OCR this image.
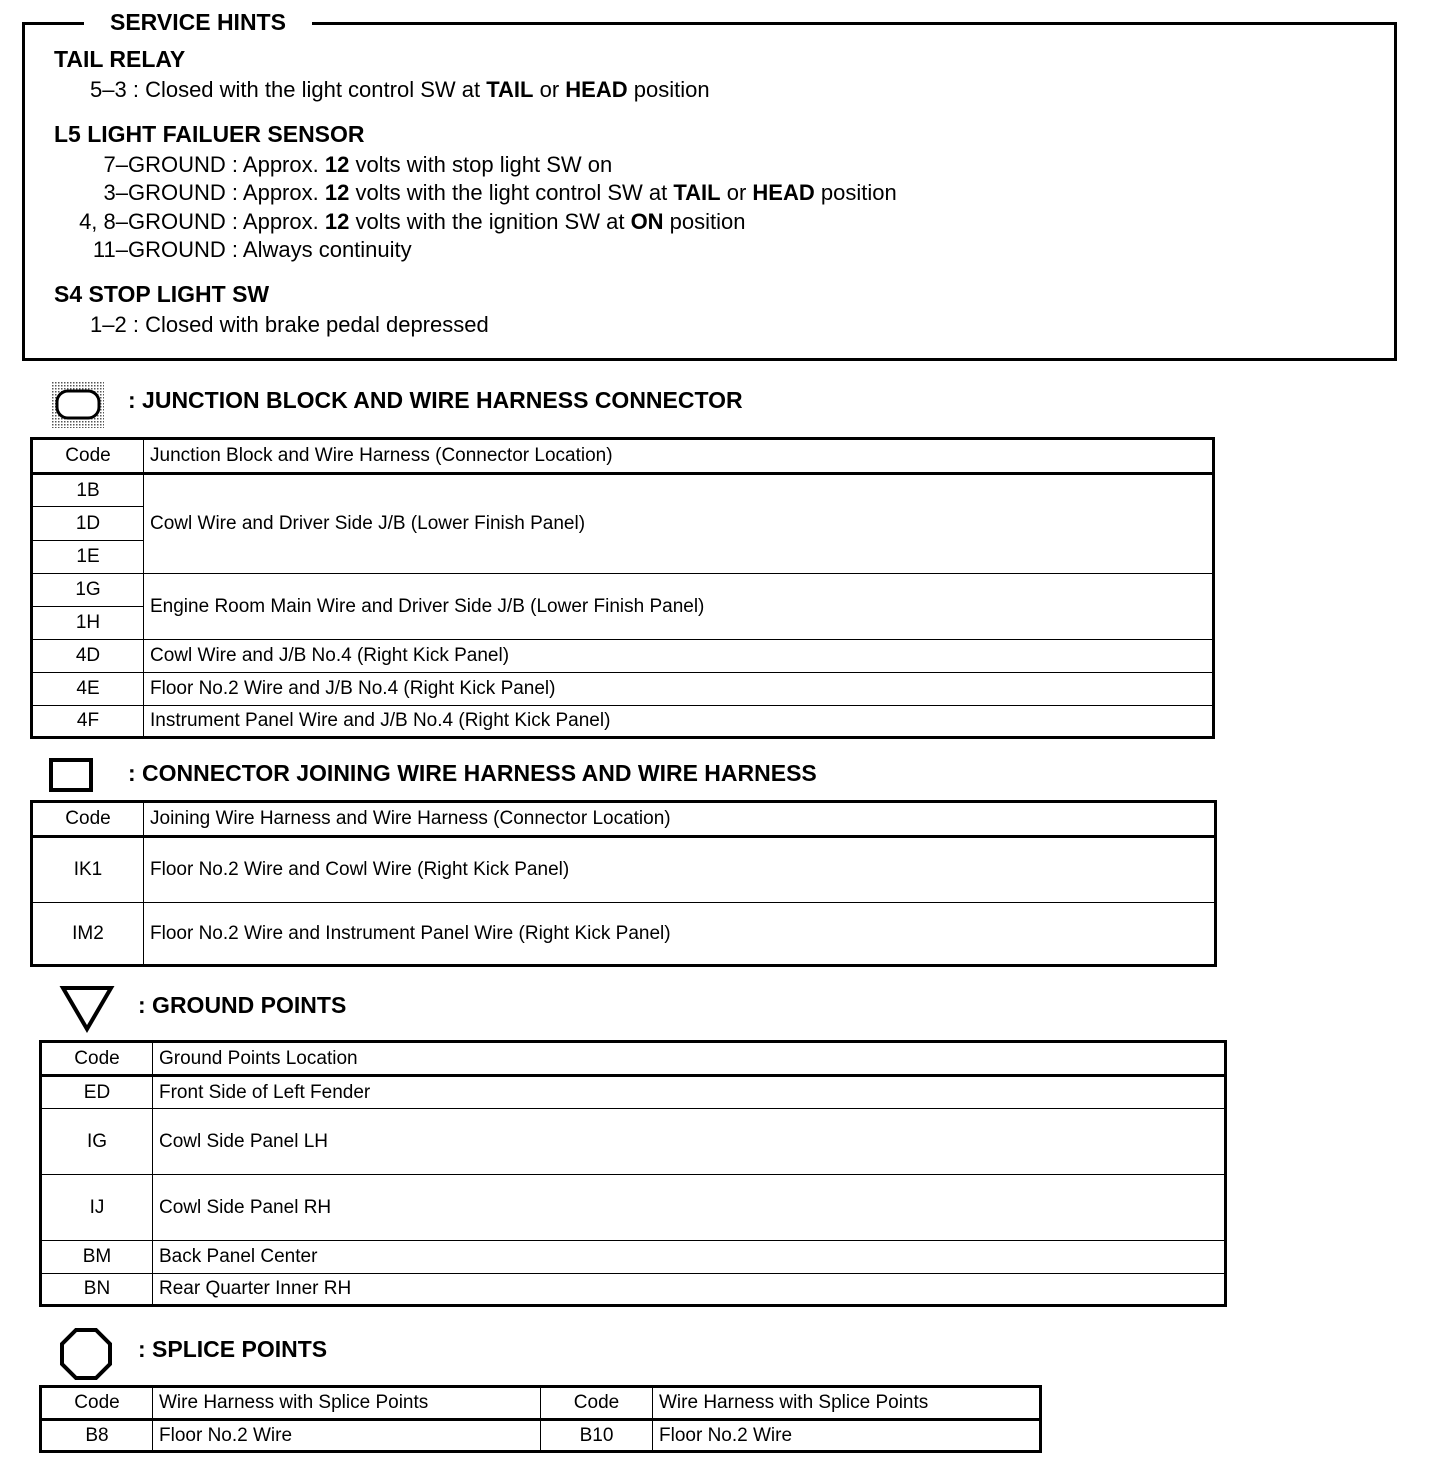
SERVICE HINTS
TAIL RELAY
5–3 : Closed with the light control SW at TAIL or HEAD position
L5 LIGHT FAILUER SENSOR
7–GROUND : Approx. 12 volts with stop light SW on
3–GROUND : Approx. 12 volts with the light control SW at TAIL or HEAD position
4, 8–GROUND : Approx. 12 volts with the ignition SW at ON position
11–GROUND : Always continuity
S4 STOP LIGHT SW
1–2 : Closed with brake pedal depressed
: JUNCTION BLOCK AND WIRE HARNESS CONNECTOR
Code	Junction Block and Wire Harness (Connector Location)
1B	Cowl Wire and Driver Side J/B (Lower Finish Panel)
1D	
1E	
1G	Engine Room Main Wire and Driver Side J/B (Lower Finish Panel)
1H	
4D	Cowl Wire and J/B No.4 (Right Kick Panel)
4E	Floor No.2 Wire and J/B No.4 (Right Kick Panel)
4F	Instrument Panel Wire and J/B No.4 (Right Kick Panel)
: CONNECTOR JOINING WIRE HARNESS AND WIRE HARNESS
Code	Joining Wire Harness and Wire Harness (Connector Location)
IK1	Floor No.2 Wire and Cowl Wire (Right Kick Panel)
IM2	Floor No.2 Wire and Instrument Panel Wire (Right Kick Panel)
: GROUND POINTS
Code	Ground Points Location
ED	Front Side of Left Fender
IG	Cowl Side Panel LH
IJ	Cowl Side Panel RH
BM	Back Panel Center
BN	Rear Quarter Inner RH
: SPLICE POINTS
Code	Wire Harness with Splice Points	Code	Wire Harness with Splice Points
B8	Floor No.2 Wire	B10	Floor No.2 Wire
